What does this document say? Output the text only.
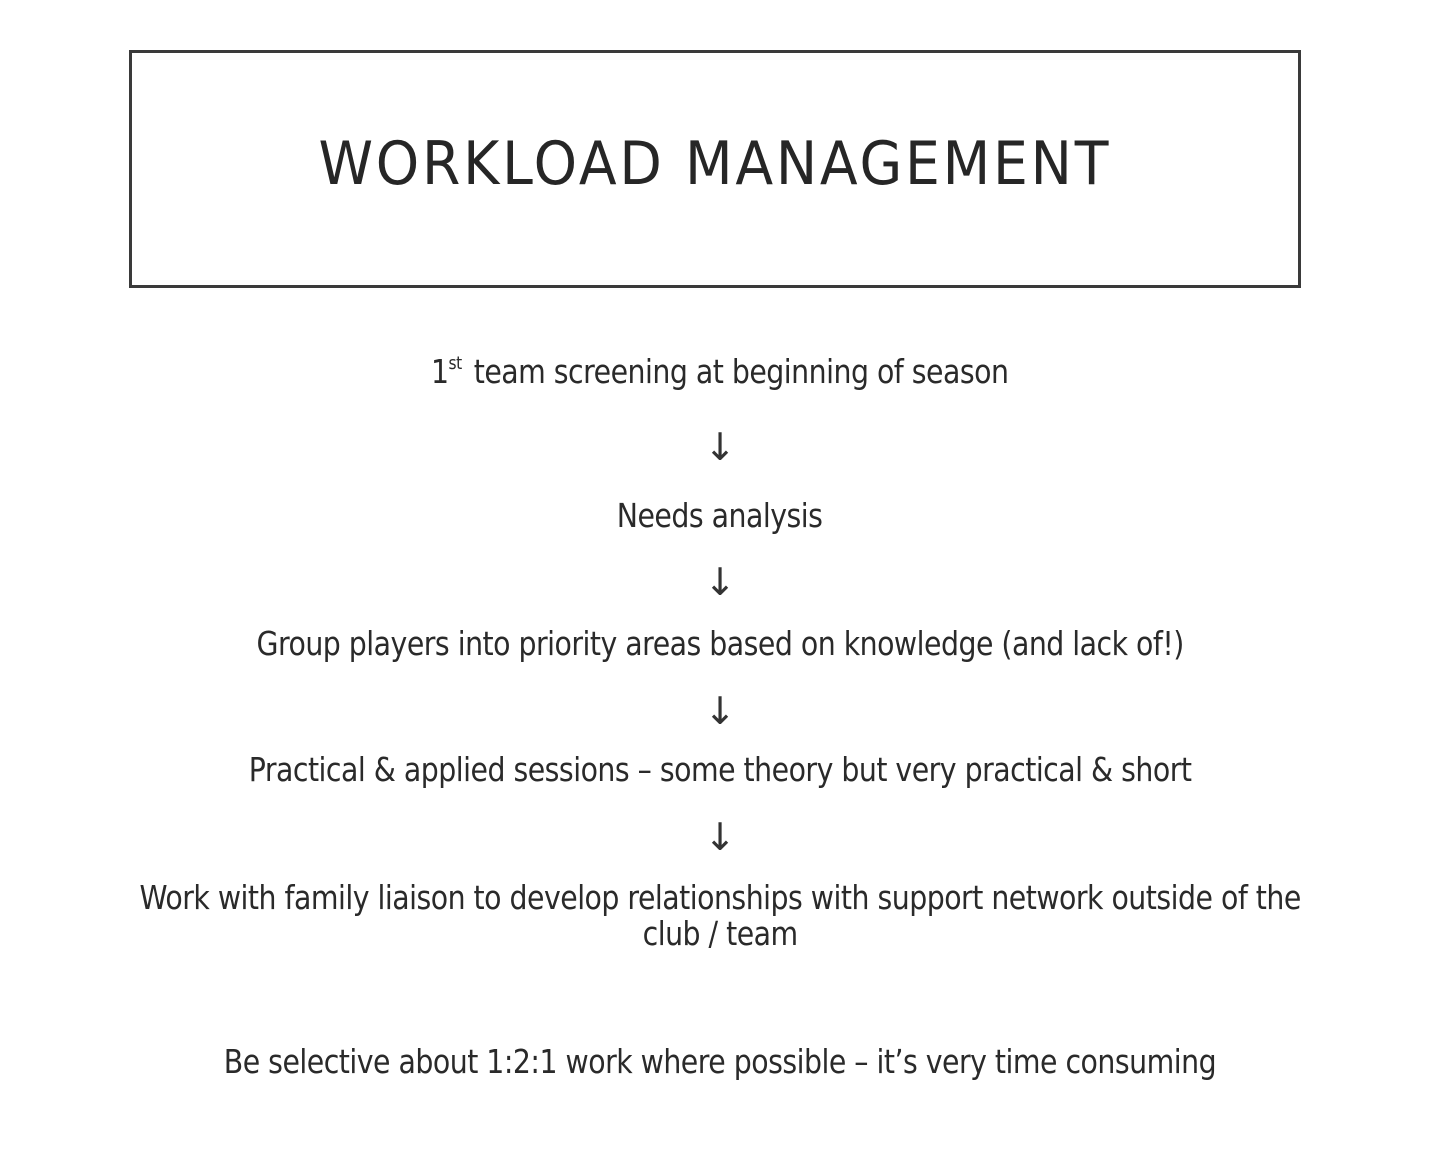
WORKLOAD MANAGEMENT
1st team screening at beginning of season
↓
Needs analysis
↓
Group players into priority areas based on knowledge (and lack of!)
↓
Practical & applied sessions – some theory but very practical & short
↓
Work with family liaison to develop relationships with support network outside of the
club / team
Be selective about 1:2:1 work where possible – it’s very time consuming
